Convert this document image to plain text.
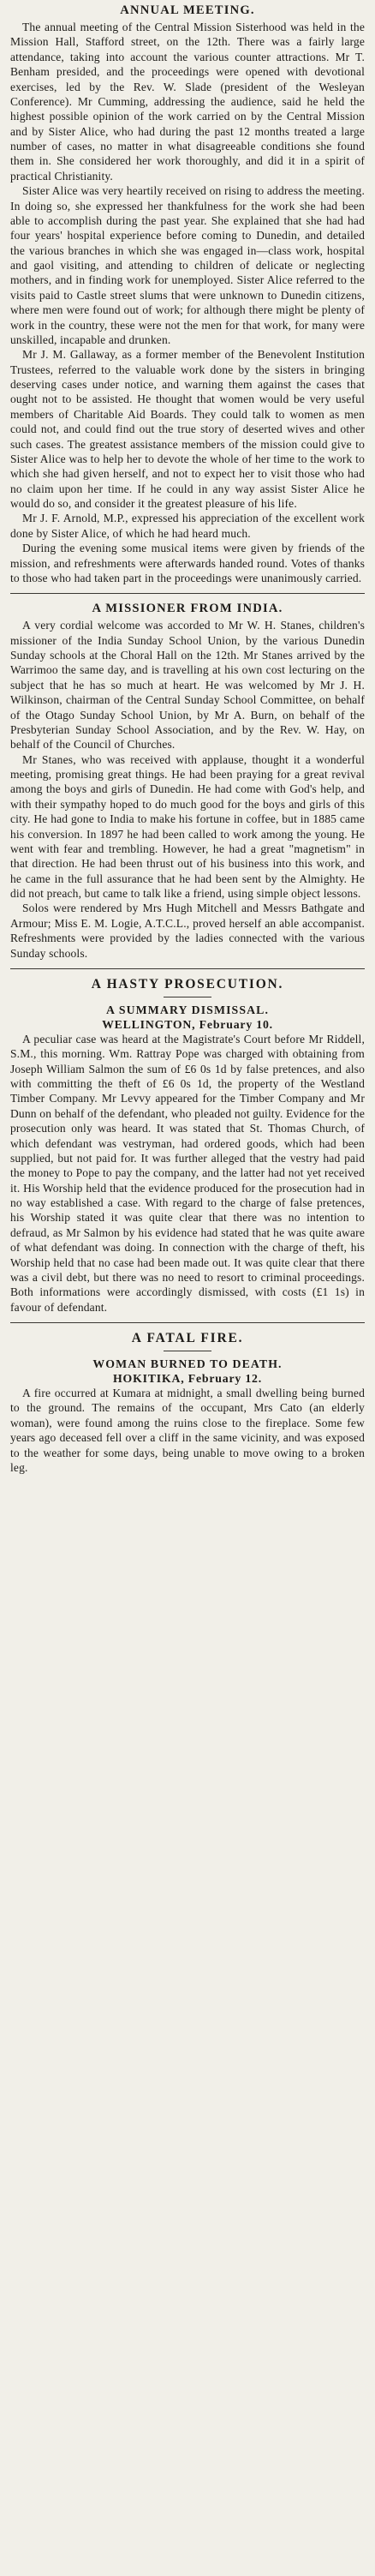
ANNUAL MEETING.

The annual meeting of the Central Mission Sisterhood was held in the Mission Hall, Stafford street, on the 12th. There was a fairly large attendance, taking into account the various counter attractions. Mr T. Benham presided, and the proceedings were opened with devotional exercises, led by the Rev. W. Slade (president of the Wesleyan Conference). Mr Cumming, addressing the audience, said he held the highest possible opinion of the work carried on by the Central Mission and by Sister Alice, who had during the past 12 months treated a large number of cases, no matter in what disagreeable conditions she found them in. She considered her work thoroughly, and did it in a spirit of practical Christianity.

Sister Alice was very heartily received on rising to address the meeting. In doing so, she expressed her thankfulness for the work she had been able to accomplish during the past year. She explained that she had had four years' hospital experience before coming to Dunedin, and detailed the various branches in which she was engaged in—class work, hospital and gaol visiting, and attending to children of delicate or neglecting mothers, and in finding work for unemployed. Sister Alice referred to the visits paid to Castle street slums that were unknown to Dunedin citizens, where men were found out of work; for although there might be plenty of work in the country, these were not the men for that work, for many were unskilled, incapable and drunken.

Mr J. M. Gallaway, as a former member of the Benevolent Institution Trustees, referred to the valuable work done by the sisters in bringing deserving cases under notice, and warning them against the cases that ought not to be assisted. He thought that women would be very useful members of Charitable Aid Boards. They could talk to women as men could not, and could find out the true story of deserted wives and other such cases. The greatest assistance members of the mission could give to Sister Alice was to help her to devote the whole of her time to the work to which she had given herself, and not to expect her to visit those who had no claim upon her time. If he could in any way assist Sister Alice he would do so, and consider it the greatest pleasure of his life.

Mr J. F. Arnold, M.P., expressed his appreciation of the excellent work done by Sister Alice, of which he had heard much.

During the evening some musical items were given by friends of the mission, and refreshments were afterwards handed round. Votes of thanks to those who had taken part in the proceedings were unanimously carried.

A MISSIONER FROM INDIA.

A very cordial welcome was accorded to Mr W. H. Stanes, children's missioner of the India Sunday School Union, by the various Dunedin Sunday schools at the Choral Hall on the 12th. Mr Stanes arrived by the Warrimoo the same day, and is travelling at his own cost lecturing on the subject that he has so much at heart. He was welcomed by Mr J. H. Wilkinson, chairman of the Central Sunday School Committee, on behalf of the Otago Sunday School Union, by Mr A. Burn, on behalf of the Presbyterian Sunday School Association, and by the Rev. W. Hay, on behalf of the Council of Churches.

Mr Stanes, who was received with applause, thought it a wonderful meeting, promising great things. He had been praying for a great revival among the boys and girls of Dunedin. He had come with God's help, and with their sympathy hoped to do much good for the boys and girls of this city. He had gone to India to make his fortune in coffee, but in 1885 came his conversion. In 1897 he had been called to work among the young. He went with fear and trembling. However, he had a great "magnetism" in that direction. He had been thrust out of his business into this work, and he came in the full assurance that he had been sent by the Almighty. He did not preach, but came to talk like a friend, using simple object lessons.

Solos were rendered by Mrs Hugh Mitchell and Messrs Bathgate and Armour; Miss E. M. Logie, A.T.C.L., proved herself an able accompanist. Refreshments were provided by the ladies connected with the various Sunday schools.

A HASTY PROSECUTION.
A SUMMARY DISMISSAL.
WELLINGTON, February 10.

A peculiar case was heard at the Magistrate's Court before Mr Riddell, S.M., this morning. Wm. Rattray Pope was charged with obtaining from Joseph William Salmon the sum of £6 0s 1d by false pretences, and also with committing the theft of £6 0s 1d, the property of the Westland Timber Company. Mr Levvy appeared for the Timber Company and Mr Dunn on behalf of the defendant, who pleaded not guilty. Evidence for the prosecution only was heard. It was stated that St. Thomas Church, of which defendant was vestryman, had ordered goods, which had been supplied, but not paid for. It was further alleged that the vestry had paid the money to Pope to pay the company, and the latter had not yet received it. His Worship held that the evidence produced for the prosecution had in no way established a case. With regard to the charge of false pretences, his Worship stated it was quite clear that there was no intention to defraud, as Mr Salmon by his evidence had stated that he was quite aware of what defendant was doing. In connection with the charge of theft, his Worship held that no case had been made out. It was quite clear that there was a civil debt, but there was no need to resort to criminal proceedings. Both informations were accordingly dismissed, with costs (£1 1s) in favour of defendant.

A FATAL FIRE.
WOMAN BURNED TO DEATH.
HOKITIKA, February 12.

A fire occurred at Kumara at midnight, a small dwelling being burned to the ground. The remains of the occupant, Mrs Cato (an elderly woman), were found among the ruins close to the fireplace. Some few years ago deceased fell over a cliff in the same vicinity, and was exposed to the weather for some days, being unable to move owing to a broken leg.
